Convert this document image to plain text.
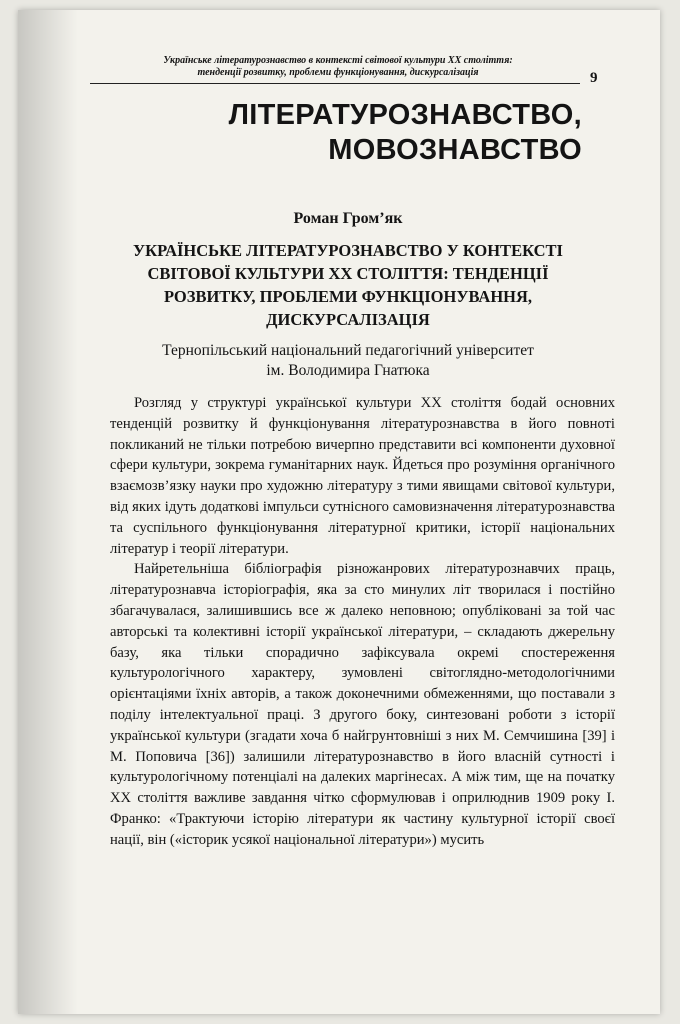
Українське літературознавство в контексті світової культури ХХ століття:
тенденції розвитку, проблеми функціонування, дискурсалізація	9
ЛІТЕРАТУРОЗНАВСТВО,
МОВОЗНАВСТВО
Роман Гром’як
УКРАЇНСЬКЕ ЛІТЕРАТУРОЗНАВСТВО У КОНТЕКСТІ
СВІТОВОЇ КУЛЬТУРИ ХХ СТОЛІТТЯ: ТЕНДЕНЦІЇ
РОЗВИТКУ, ПРОБЛЕМИ ФУНКЦІОНУВАННЯ,
ДИСКУРСАЛІЗАЦІЯ
Тернопільський національний педагогічний університет
ім. Володимира Гнатюка

Розгляд у структурі української культури ХХ століття бодай основних тенденцій розвитку й функціонування літературознавства в його повноті покликаний не тільки потребою вичерпно представити всі компоненти духовної сфери культури, зокрема гуманітарних наук. Йдеться про розуміння органічного взаємозв’язку науки про художню літературу з тими явищами світової культури, від яких ідуть додаткові імпульси сутнісного самовизначення літературознавства та суспільного функціонування літературної критики, історії національних літератур і теорії літератури.

Найретельніша бібліографія різножанрових літературознавчих праць, літературознавча історіографія, яка за сто минулих літ творилася і постійно збагачувалася, залишившись все ж далеко неповною; опубліковані за той час авторські та колективні історії української літератури, – складають джерельну базу, яка тільки спорадично зафіксувала окремі спостереження культурологічного характеру, зумовлені світоглядно-методологічними орієнтаціями їхніх авторів, а також доконечними обмеженнями, що поставали з поділу інтелектуальної праці. З другого боку, синтезовані роботи з історії української культури (згадати хоча б найгрунтовніші з них М. Семчишина [39] і М. Поповича [36]) залишили літературознавство в його власній сутності і культурологічному потенціалі на далеких маргінесах. А між тим, ще на початку ХХ століття важливе завдання чітко сформулював і оприлюднив 1909 року І. Франко: «Трактуючи історію літератури як частину культурної історії своєї нації, він («історик усякої національної літератури») мусить
